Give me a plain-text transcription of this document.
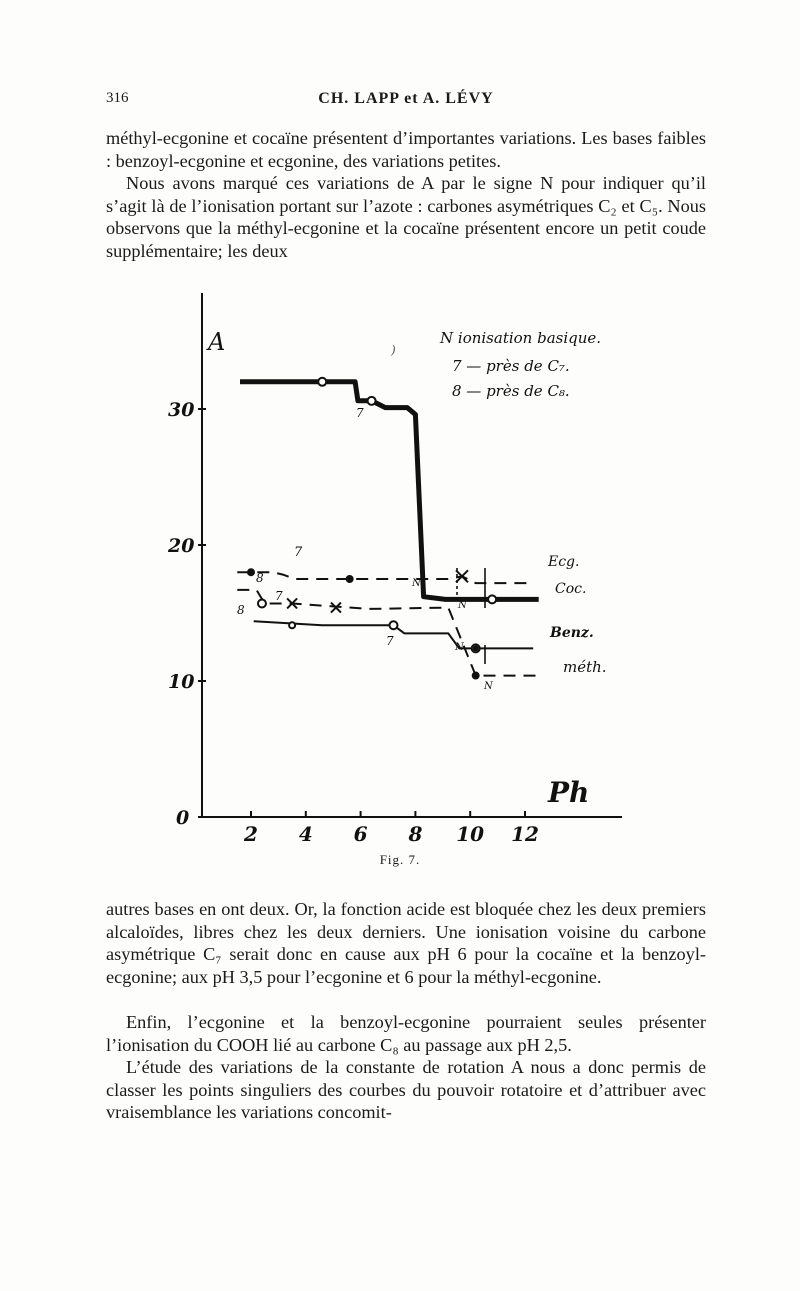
316	CH. LAPP et A. LÉVY

méthyl-ecgonine et cocaïne présentent d’importantes variations. Les bases faibles : benzoyl-ecgonine et ecgonine, des variations petites.

Nous avons marqué ces variations de A par le signe N pour indiquer qu’il s’agit là de l’ionisation portant sur l’azote : carbones asymétriques C₂ et C₅. Nous observons que la méthyl-ecgonine et la cocaïne présentent encore un petit coude supplémentaire; les deux

A
Ph
0
10
20
30
2 4 6 8 10 12
N ionisation basique.
7 — près de C₇.
8 — près de C₈.
Ecg.
Coc.
Benz.
méth.
7
7
8
7
8
7
N
N
N
N
)
Fig. 7.

autres bases en ont deux. Or, la fonction acide est bloquée chez les deux premiers alcaloïdes, libres chez les deux derniers. Une ionisation voisine du carbone asymétrique C₇ serait donc en cause aux pH 6 pour la cocaïne et la benzoyl-ecgonine; aux pH 3,5 pour l’ecgonine et 6 pour la méthyl-ecgonine.

Enfin, l’ecgonine et la benzoyl-ecgonine pourraient seules présenter l’ionisation du COOH lié au carbone C₈ au passage aux pH 2,5.

L’étude des variations de la constante de rotation A nous a donc permis de classer les points singuliers des courbes du pouvoir rotatoire et d’attribuer avec vraisemblance les variations concomit-
